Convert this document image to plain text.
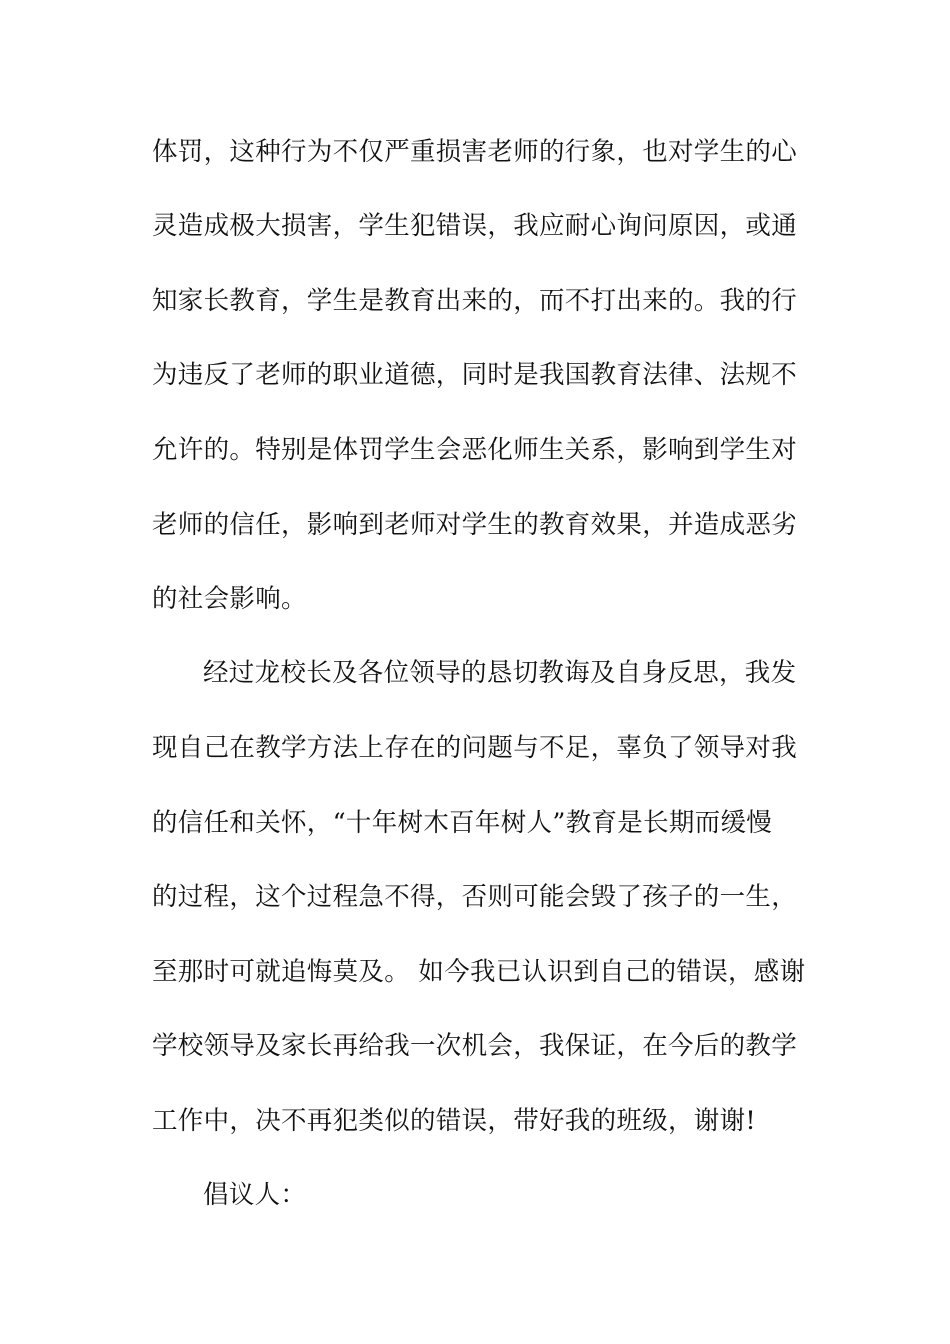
体罚，这种行为不仅严重损害老师的行象，也对学生的心
灵造成极大损害，学生犯错误，我应耐心询问原因，或通
知家长教育，学生是教育出来的，而不打出来的。我的行
为违反了老师的职业道德，同时是我国教育法律、法规不
允许的。特别是体罚学生会恶化师生关系，影响到学生对
老师的信任，影响到老师对学生的教育效果，并造成恶劣
的社会影响。
经过龙校长及各位领导的恳切教诲及自身反思，我发
现自己在教学方法上存在的问题与不足，辜负了领导对我
的信任和关怀，“十年树木百年树人”教育是长期而缓慢
的过程，这个过程急不得，否则可能会毁了孩子的一生，
至那时可就追悔莫及。 如今我已认识到自己的错误，感谢
学校领导及家长再给我一次机会，我保证，在今后的教学
工作中，决不再犯类似的错误，带好我的班级，谢谢!
倡议人：
